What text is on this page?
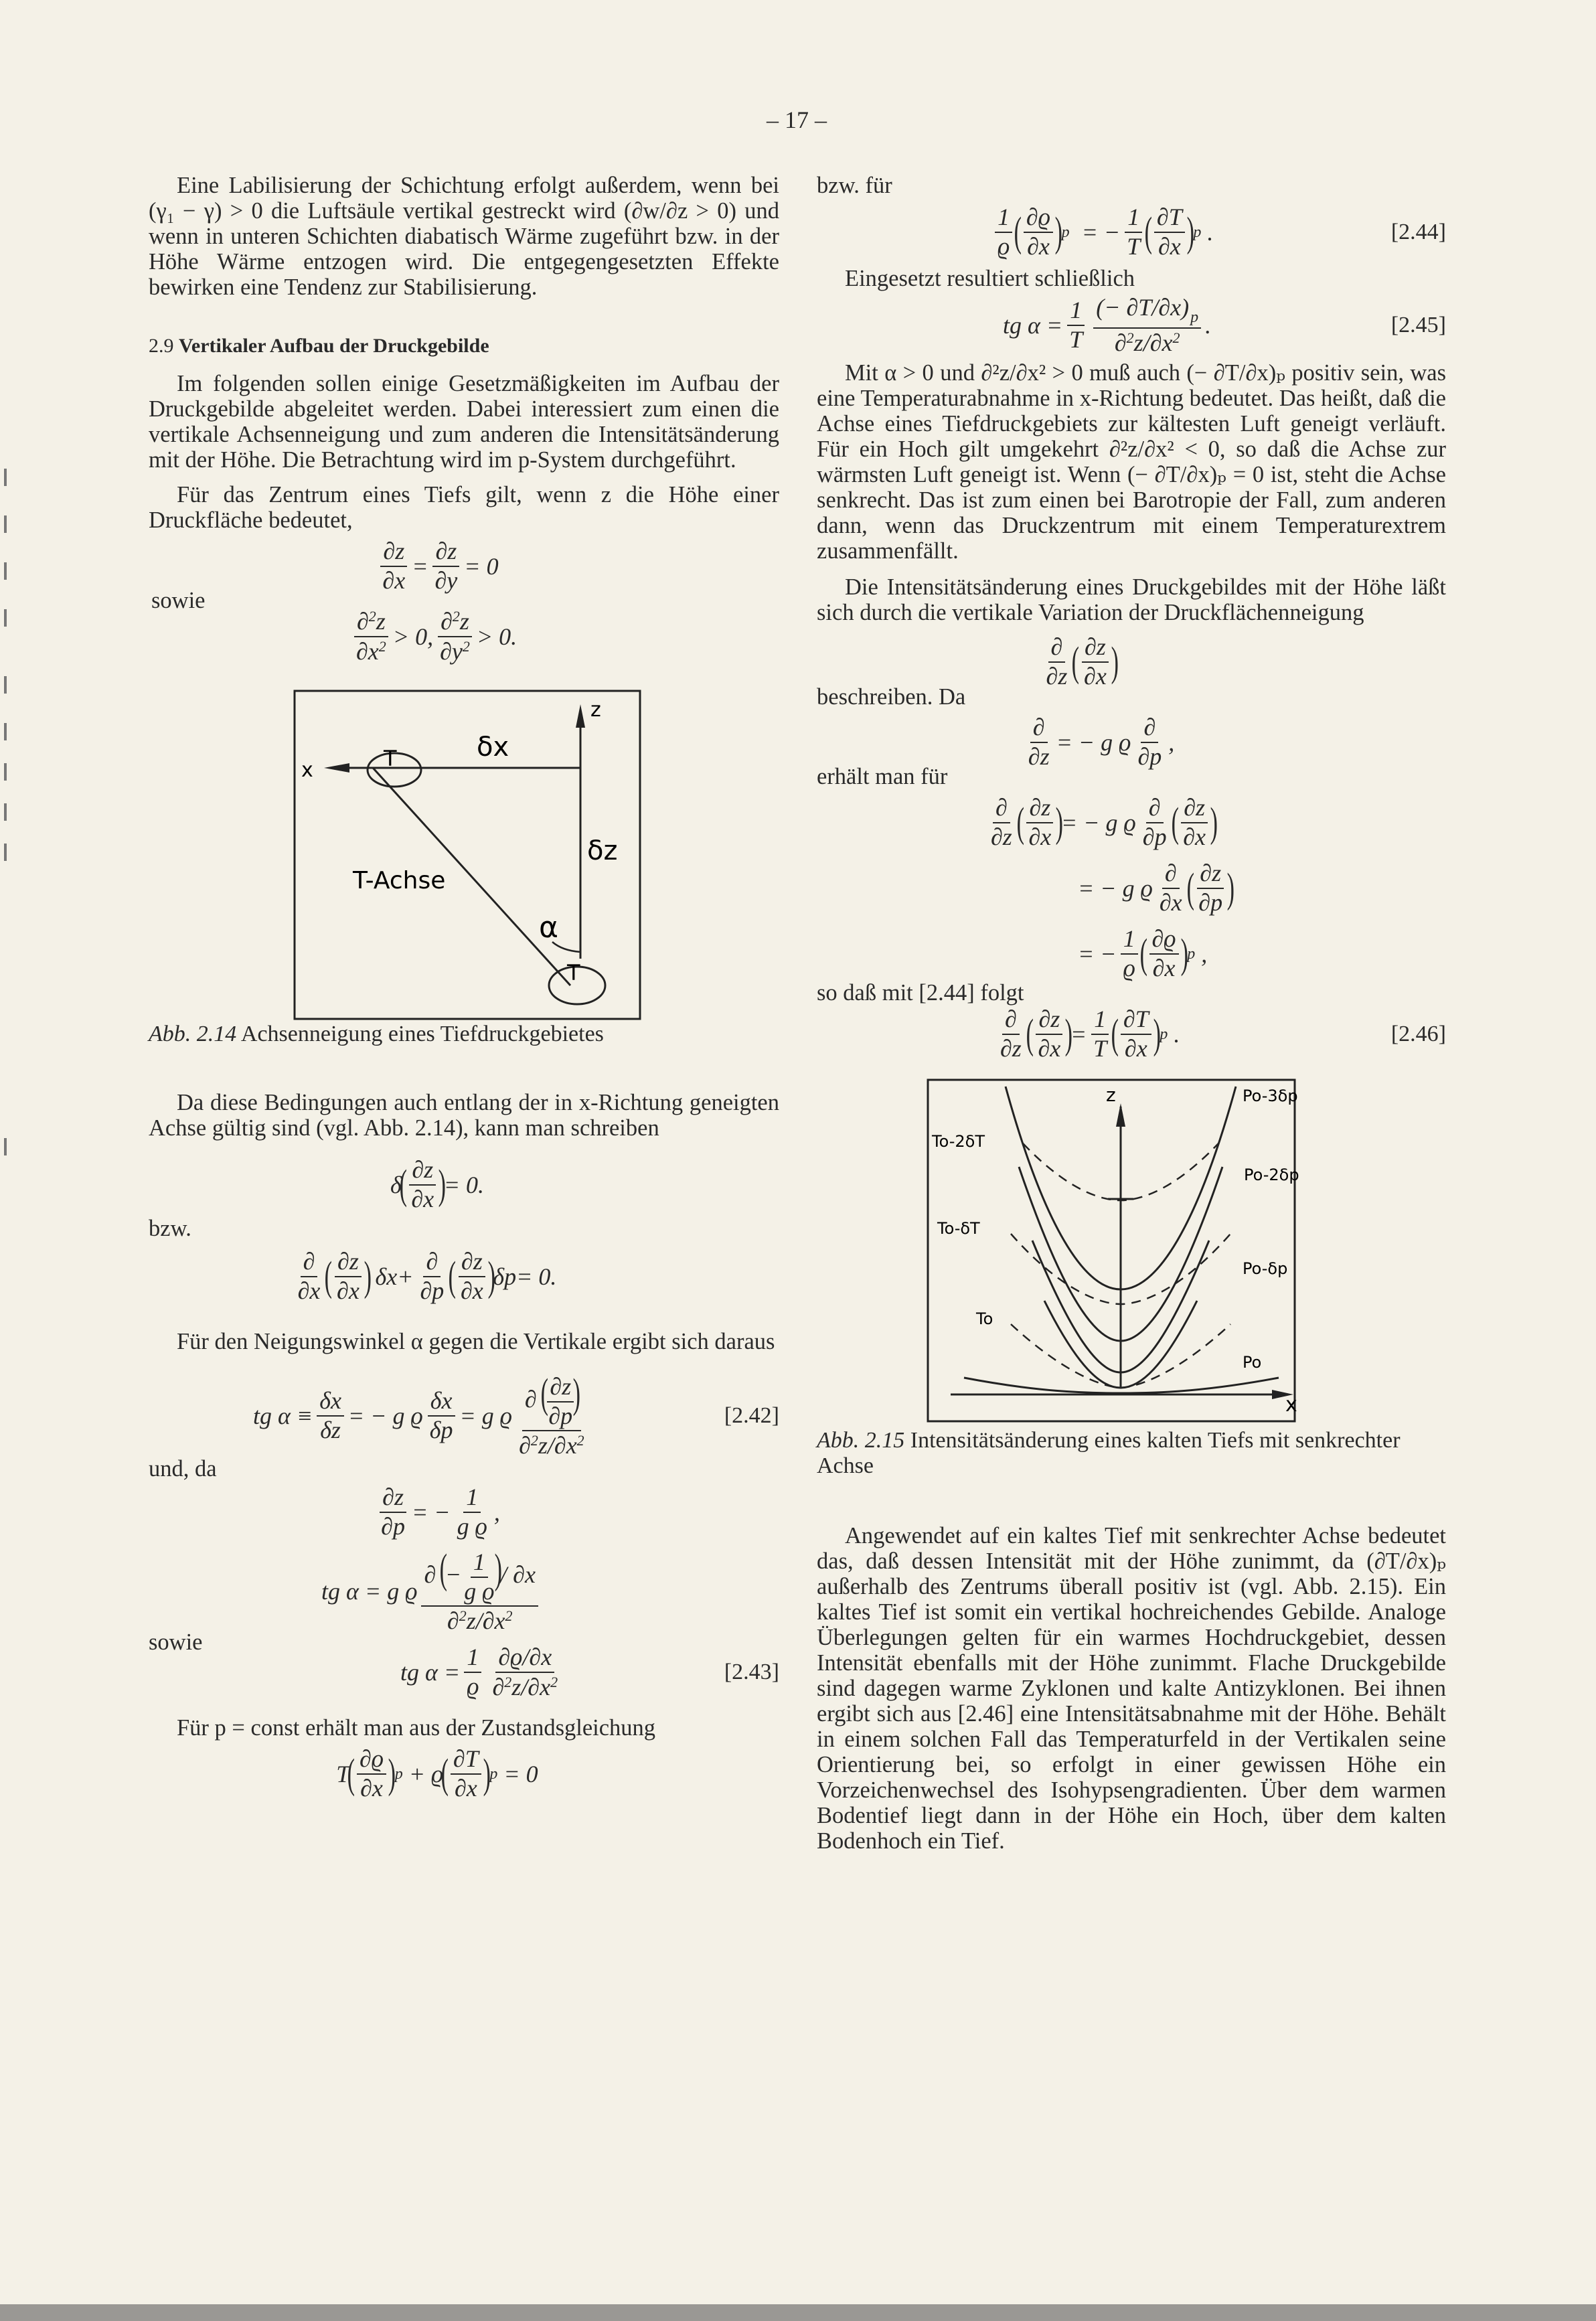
– 17 –

Eine Labilisierung der Schichtung erfolgt außerdem, wenn bei (γ₁ − γ) > 0 die Luftsäule vertikal gestreckt wird (∂w/∂z > 0) und wenn in unteren Schichten diabatisch Wärme zugeführt bzw. in der Höhe Wärme entzogen wird. Die entgegengesetzten Effekte bewirken eine Tendenz zur Stabilisierung.

2.9 Vertikaler Aufbau der Druckgebilde

Im folgenden sollen einige Gesetzmäßigkeiten im Aufbau der Druckgebilde abgeleitet werden. Dabei interessiert zum einen die vertikale Achsenneigung und zum anderen die Intensitätsänderung mit der Höhe. Die Betrachtung wird im p-System durchgeführt.

Für das Zentrum eines Tiefs gilt, wenn z die Höhe einer Druckfläche bedeutet,

$\frac{\partial z}{\partial x} = \frac{\partial z}{\partial y} = 0$
sowie
$\frac{\partial^2z}{\partial x^2} > 0$, $\frac{\partial^2z}{\partial y^2} > 0$.
x
z
δx
δz
T-Achse
α
T
T
Abb. 2.14 Achsenneigung eines Tiefdruckgebietes

Da diese Bedingungen auch entlang der in x-Richtung geneigten Achse gültig sind (vgl. Abb. 2.14), kann man schreiben

δ
( $\frac{\partial z}{\partial x}$ )
= 0.
bzw.
$\frac{\partial}{\partial x}$ ( $\frac{\partial z}{\partial x}$ )
δ $x + \frac{\partial}{\partial p}$ ( $\frac{\partial z}{\partial x}$ )
δ p = 0.

Für den Neigungswinkel α gegen die Vertikale ergibt sich daraus

tg $\alpha \equiv \frac{\delta x}{\delta z}$ = − g ϱ $\frac{\delta x}{\delta p} = g$ ϱ ∂ (
$\frac{\partial z}{\partial p}$
)
$\partial^2z/\partial x^2$	[2.42]
und, da
$\frac{\partial z}{\partial p}$ = − $\frac{1}{\text{g ϱ}}$ ,
tg α = g ϱ ∂ (− $\frac{1}{\text{g ϱ}}$
)/ ∂x
$\partial^2z/\partial x^2$
sowie
tg $\alpha = \frac{1}{ϱ} \frac{\partial ϱ/\partial x}{\partial^2z/\partial x^2}$	[2.43]

Für p = const erhält man aus der Zustandsgleichung

T
( $\frac{\partial ϱ}{\partial x}$ )
p + ϱ
( $\frac{\partial T}{\partial x}$ )
p = 0
bzw. für
$\frac{1}{ϱ}$ ( $\frac{\partial ϱ}{\partial x}$ )
p = − $\frac{1}{T}$ ( $\frac{\partial T}{\partial x}$ )
p .	[2.44]
Eingesetzt resultiert schließlich
tg $\alpha = \frac{1}{T} \frac{(- \partial T/\partial x)_p}{\partial^2z/\partial x^2}$ .	[2.45]

Mit α > 0 und ∂²z/∂x² > 0 muß auch (− ∂T/∂x)ₚ positiv sein, was eine Temperaturabnahme in x-Richtung bedeutet. Das heißt, daß die Achse eines Tiefdruckgebiets zur kältesten Luft geneigt verläuft. Für ein Hoch gilt umgekehrt ∂²z/∂x² < 0, so daß die Achse zur wärmsten Luft geneigt ist. Wenn (− ∂T/∂x)ₚ = 0 ist, steht die Achse senkrecht. Das ist zum einen bei Barotropie der Fall, zum anderen dann, wenn das Druckzentrum mit einem Temperaturextrem zusammenfällt.

Die Intensitätsänderung eines Druckgebildes mit der Höhe läßt sich durch die vertikale Variation der Druckflächenneigung

$\frac{\partial}{\partial z}$ ( $\frac{\partial z}{\partial x}$ )
beschreiben. Da
$\frac{\partial}{\partial z}$ = − g ϱ $\frac{\partial}{\partial p}$ ,
erhält man für
$\frac{\partial}{\partial z}$ ( $\frac{\partial z}{\partial x}$ )
= − g ϱ $\frac{\partial}{\partial p}$ ( $\frac{\partial z}{\partial x}$ )
= − g ϱ $\frac{\partial}{\partial x}$ ( $\frac{\partial z}{\partial p}$ )
= − $\frac{1}{ϱ}$ ( $\frac{\partial ϱ}{\partial x}$ )
p ,
so daß mit [2.44] folgt
$\frac{\partial}{\partial z}$ ( $\frac{\partial z}{\partial x}$ )
= $\frac{1}{T}$ ( $\frac{\partial T}{\partial x}$ )
p .	[2.46]
z
x
To-2δT
To-δT
To
Po-3δp
Po-2δp
Po-δp
Po
Abb. 2.15 Intensitätsänderung eines kalten Tiefs mit senkrechter Achse

Angewendet auf ein kaltes Tief mit senkrechter Achse bedeutet das, daß dessen Intensität mit der Höhe zunimmt, da (∂T/∂x)ₚ außerhalb des Zentrums überall positiv ist (vgl. Abb. 2.15). Ein kaltes Tief ist somit ein vertikal hochreichendes Gebilde. Analoge Überlegungen gelten für ein warmes Hochdruckgebiet, dessen Intensität ebenfalls mit der Höhe zunimmt. Flache Druckgebilde sind dagegen warme Zyklonen und kalte Antizyklonen. Bei ihnen ergibt sich aus [2.46] eine Intensitätsabnahme mit der Höhe. Behält in einem solchen Fall das Temperaturfeld in der Vertikalen seine Orientierung bei, so erfolgt in einer gewissen Höhe ein Vorzeichenwechsel des Isohypsengradienten. Über dem warmen Bodentief liegt dann in der Höhe ein Hoch, über dem kalten Bodenhoch ein Tief.
